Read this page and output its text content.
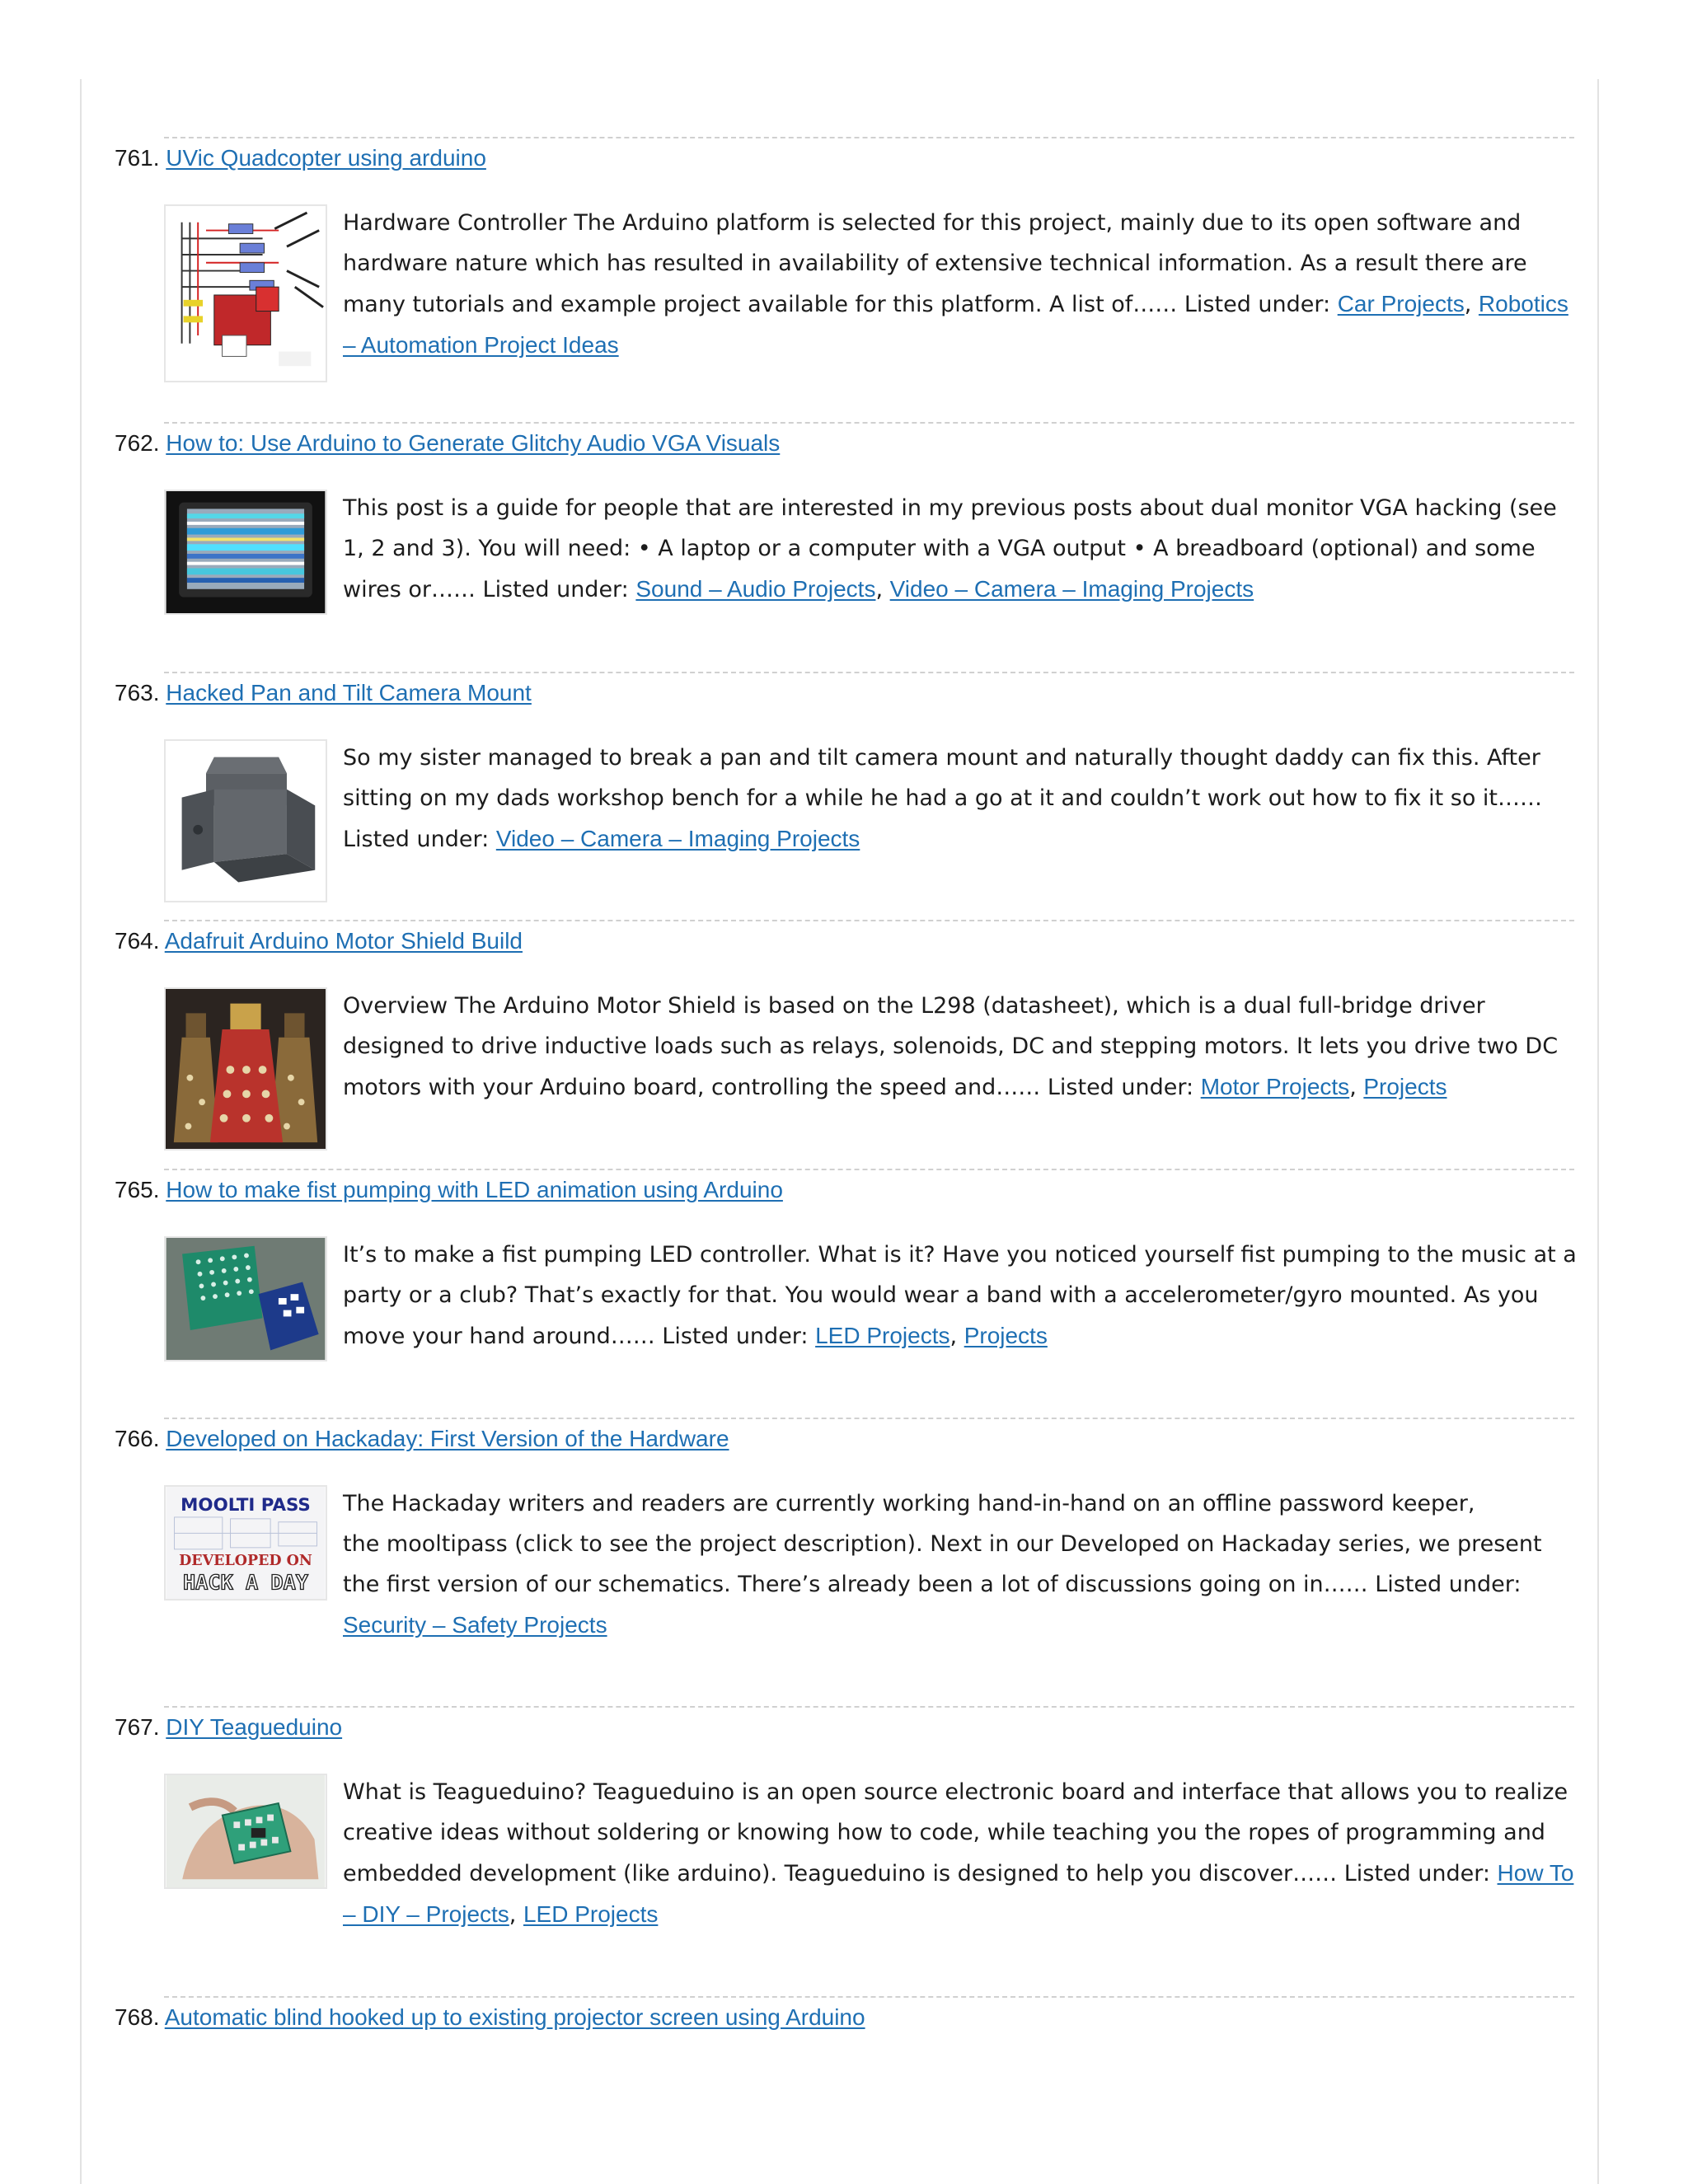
761. UVic Quadcopter using arduino
Hardware Controller The Arduino platform is selected for this project, mainly due to its open software and hardware nature which has resulted in availability of extensive technical information. As a result there are many tutorials and example project available for this platform. A list of…… Listed under: Car Projects, Robotics – Automation Project Ideas
762. How to: Use Arduino to Generate Glitchy Audio VGA Visuals
This post is a guide for people that are interested in my previous posts about dual monitor VGA hacking (see 1, 2 and 3). You will need: • A laptop or a computer with a VGA output • A breadboard (optional) and some wires or…… Listed under: Sound – Audio Projects, Video – Camera – Imaging Projects
763. Hacked Pan and Tilt Camera Mount
So my sister managed to break a pan and tilt camera mount and naturally thought daddy can fix this. After sitting on my dads workshop bench for a while he had a go at it and couldn’t work out how to fix it so it…… Listed under: Video – Camera – Imaging Projects
764. Adafruit Arduino Motor Shield Build
Overview The Arduino Motor Shield is based on the L298 (datasheet), which is a dual full-bridge driver designed to drive inductive loads such as relays, solenoids, DC and stepping motors. It lets you drive two DC motors with your Arduino board, controlling the speed and…… Listed under: Motor Projects, Projects
765. How to make fist pumping with LED animation using Arduino
It’s to make a fist pumping LED controller. What is it? Have you noticed yourself fist pumping to the music at a party or a club? That’s exactly for that. You would wear a band with a accelerometer/gyro mounted. As you move your hand around…… Listed under: LED Projects, Projects
766. Developed on Hackaday: First Version of the Hardware
MOOLTI PASS
DEVELOPED ON
HACK A DAY
The Hackaday writers and readers are currently working hand-in-hand on an offline password keeper,
the mooltipass (click to see the project description). Next in our Developed on Hackaday series, we present the first version of our schematics. There’s already been a lot of discussions going on in…… Listed under: Security – Safety Projects
767. DIY Teagueduino
What is Teagueduino? Teagueduino is an open source electronic board and interface that allows you to realize creative ideas without soldering or knowing how to code, while teaching you the ropes of programming and embedded development (like arduino). Teagueduino is designed to help you discover…… Listed under: How To – DIY – Projects, LED Projects
768. Automatic blind hooked up to existing projector screen using Arduino
